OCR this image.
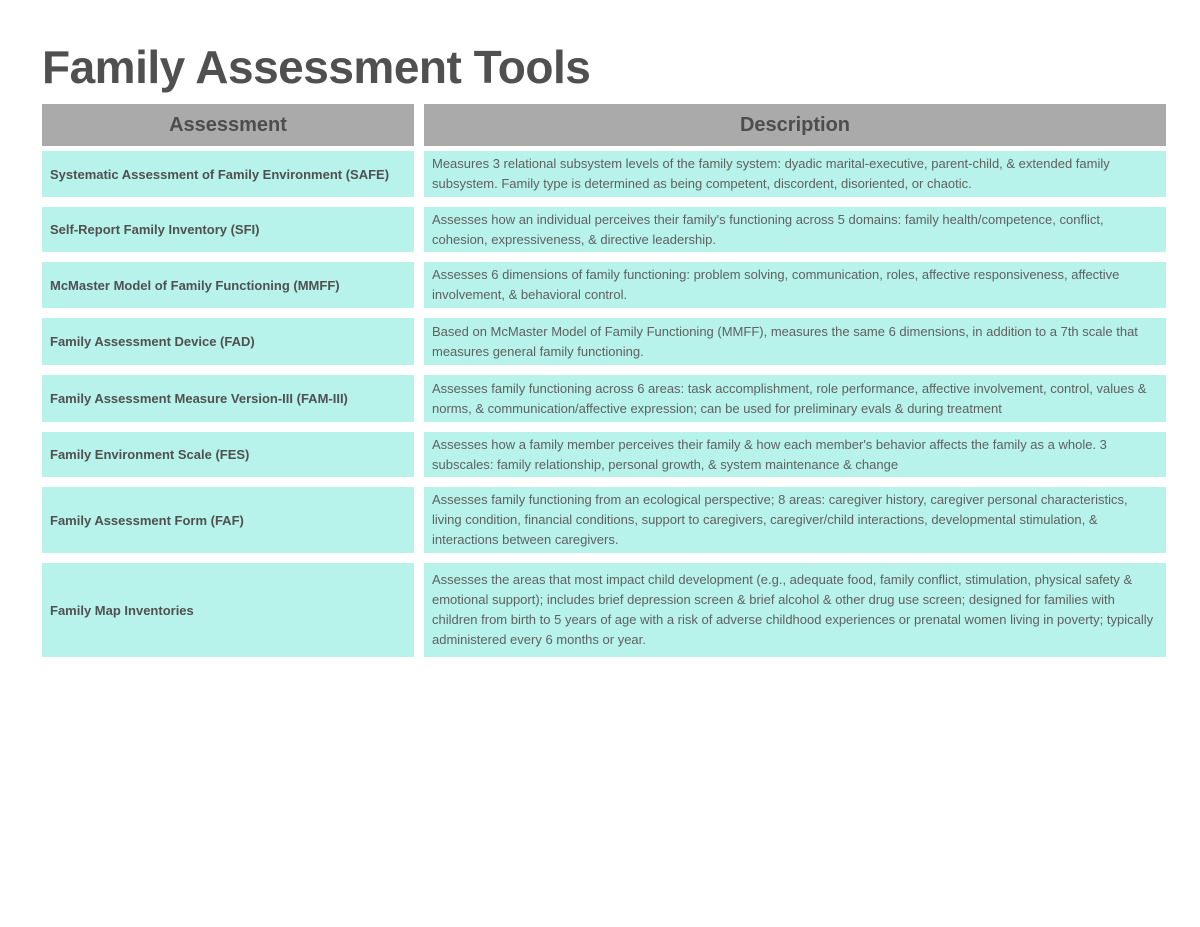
Family Assessment Tools
Assessment	Description
Systematic Assessment of Family Environment (SAFE)
Measures 3 relational subsystem levels of the family system: dyadic marital-executive, parent-child, & extended family subsystem. Family type is determined as being competent, discordent, disoriented, or chaotic.
Self-Report Family Inventory (SFI)
Assesses how an individual perceives their family's functioning across 5 domains: family health/competence, conflict, cohesion, expressiveness, & directive leadership.
McMaster Model of Family Functioning (MMFF)
Assesses 6 dimensions of family functioning: problem solving, communication, roles, affective responsiveness, affective involvement, & behavioral control.
Family Assessment Device (FAD)
Based on McMaster Model of Family Functioning (MMFF), measures the same 6 dimensions, in addition to a 7th scale that measures general family functioning.
Family Assessment Measure Version-III (FAM-III)
Assesses family functioning across 6 areas: task accomplishment, role performance, affective involvement, control, values & norms, & communication/affective expression; can be used for preliminary evals & during treatment
Family Environment Scale (FES)
Assesses how a family member perceives their family & how each member's behavior affects the family as a whole. 3 subscales: family relationship, personal growth, & system maintenance & change
Family Assessment Form (FAF)
Assesses family functioning from an ecological perspective; 8 areas: caregiver history, caregiver personal characteristics, living condition, financial conditions, support to caregivers, caregiver/child interactions, developmental stimulation, & interactions between caregivers.
Family Map Inventories
Assesses the areas that most impact child development (e.g., adequate food, family conflict, stimulation, physical safety & emotional support); includes brief depression screen & brief alcohol & other drug use screen; designed for families with children from birth to 5 years of age with a risk of adverse childhood experiences or prenatal women living in poverty; typically administered every 6 months or year.
